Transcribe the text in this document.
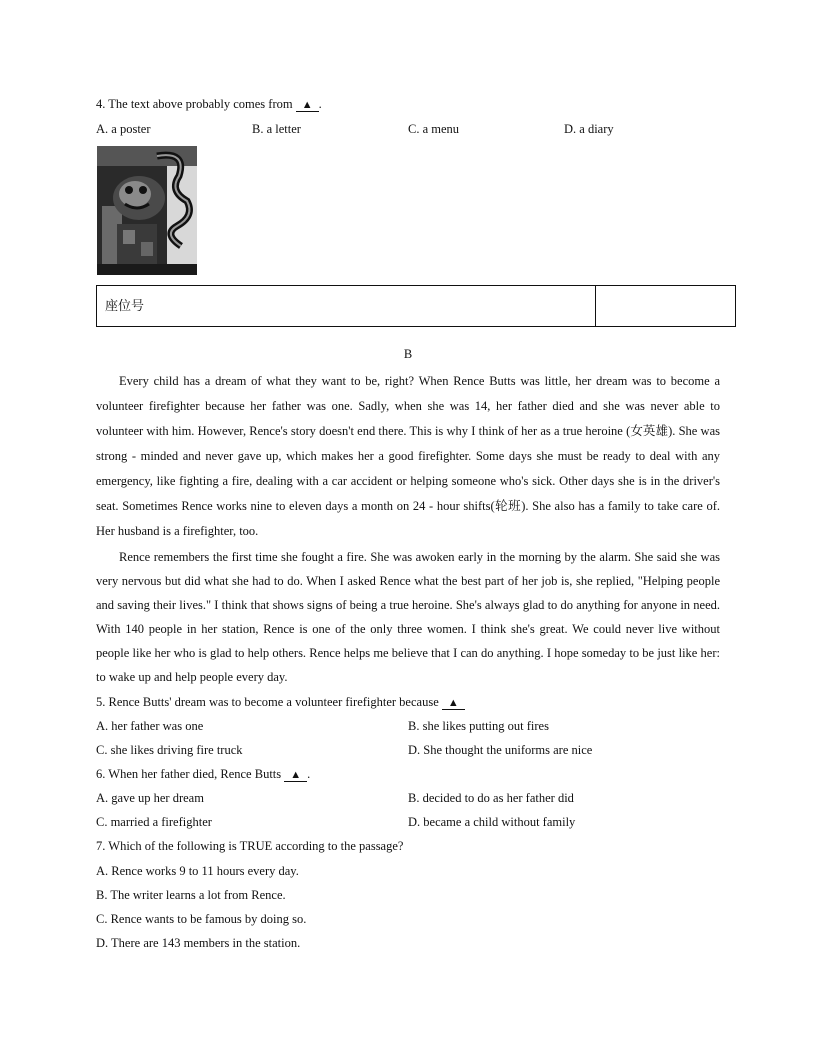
4. The text above probably comes from ▲ .
A. a poster	B. a letter	C. a menu	D. a diary
座位号
B

Every child has a dream of what they want to be, right? When Rence Butts was little, her dream was to become a volunteer firefighter because her father was one. Sadly, when she was 14, her father died and she was never able to volunteer with him. However, Rence's story doesn't end there. This is why I think of her as a true heroine (女英雄). She was strong - minded and never gave up, which makes her a good firefighter. Some days she must be ready to deal with any emergency, like fighting a fire, dealing with a car accident or helping someone who's sick. Other days she is in the driver's seat. Sometimes Rence works nine to eleven days a month on 24 - hour shifts(轮班). She also has a family to take care of. Her husband is a firefighter, too.

Rence remembers the first time she fought a fire. She was awoken early in the morning by the alarm. She said she was very nervous but did what she had to do. When I asked Rence what the best part of her job is, she replied, "Helping people and saving their lives." I think that shows signs of being a true heroine. She's always glad to do anything for anyone in need. With 140 people in her station, Rence is one of the only three women. I think she's great. We could never live without people like her who is glad to help others. Rence helps me believe that I can do anything. I hope someday to be just like her: to wake up and help people every day.

5. Rence Butts' dream was to become a volunteer firefighter because ▲
A. her father was one	B. she likes putting out fires
C. she likes driving fire truck	D. She thought the uniforms are nice
6. When her father died, Rence Butts ▲ .
A. gave up her dream	B. decided to do as her father did
C. married a firefighter	D. became a child without family
7. Which of the following is TRUE according to the passage?
A. Rence works 9 to 11 hours every day.
B. The writer learns a lot from Rence.
C. Rence wants to be famous by doing so.
D. There are 143 members in the station.
